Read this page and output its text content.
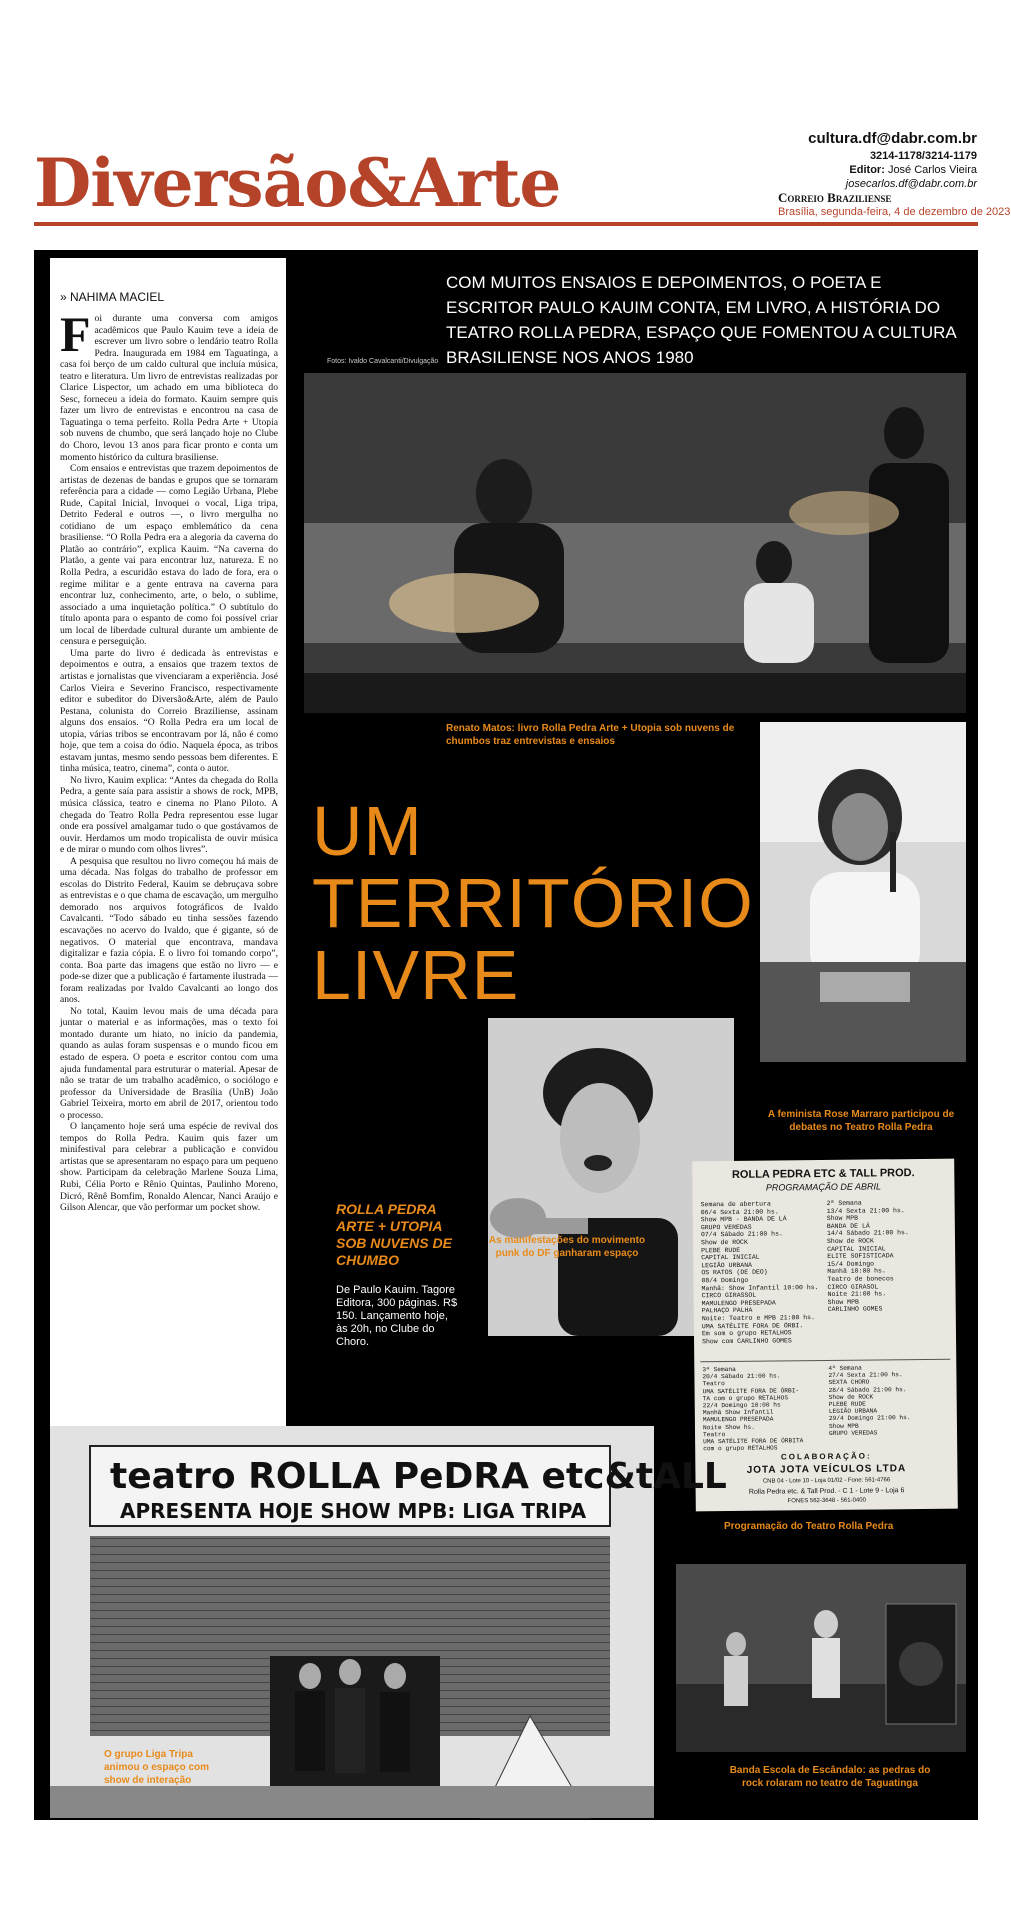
Diversão&Arte
cultura.df@dabr.com.br
3214-1178/3214-1179
Editor: José Carlos Vieira
josecarlos.df@dabr.com.br
Correio Braziliense
Brasília, segunda-feira, 4 de dezembro de 2023
» NAHIMA MACIEL

Foi durante uma conversa com amigos acadêmicos que Paulo Kauim teve a ideia de escrever um livro sobre o lendário teatro Rolla Pedra. Inaugurada em 1984 em Taguatinga, a casa foi berço de um caldo cultural que incluía música, teatro e literatura. Um livro de entrevistas realizadas por Clarice Lispector, um achado em uma biblioteca do Sesc, forneceu a ideia do formato. Kauim sempre quis fazer um livro de entrevistas e encontrou na casa de Taguatinga o tema perfeito. Rolla Pedra Arte + Utopia sob nuvens de chumbo, que será lançado hoje no Clube do Choro, levou 13 anos para ficar pronto e conta um momento histórico da cultura brasiliense.

Com ensaios e entrevistas que trazem depoimentos de artistas de dezenas de bandas e grupos que se tornaram referência para a cidade — como Legião Urbana, Plebe Rude, Capital Inicial, Invoquei o vocal, Liga tripa, Detrito Federal e outros —, o livro mergulha no cotidiano de um espaço emblemático da cena brasiliense. “O Rolla Pedra era a alegoria da caverna do Platão ao contrário”, explica Kauim. “Na caverna do Platão, a gente vai para encontrar luz, natureza. E no Rolla Pedra, a escuridão estava do lado de fora, era o regime militar e a gente entrava na caverna para encontrar luz, conhecimento, arte, o belo, o sublime, associado a uma inquietação política.” O subtítulo do título aponta para o espanto de como foi possível criar um local de liberdade cultural durante um ambiente de censura e perseguição.

Uma parte do livro é dedicada às entrevistas e depoimentos e outra, a ensaios que trazem textos de artistas e jornalistas que vivenciaram a experiência. José Carlos Vieira e Severino Francisco, respectivamente editor e subeditor do Diversão&Arte, além de Paulo Pestana, colunista do Correio Braziliense, assinam alguns dos ensaios. “O Rolla Pedra era um local de utopia, várias tribos se encontravam por lá, não é como hoje, que tem a coisa do ódio. Naquela época, as tribos estavam juntas, mesmo sendo pessoas bem diferentes. E tinha música, teatro, cinema”, conta o autor.

No livro, Kauim explica: “Antes da chegada do Rolla Pedra, a gente saía para assistir a shows de rock, MPB, música clássica, teatro e cinema no Plano Piloto. A chegada do Teatro Rolla Pedra representou esse lugar onde era possível amalgamar tudo o que gostávamos de ouvir. Herdamos um modo tropicalista de ouvir música e de mirar o mundo com olhos livres”.

A pesquisa que resultou no livro começou há mais de uma década. Nas folgas do trabalho de professor em escolas do Distrito Federal, Kauim se debruçava sobre as entrevistas e o que chama de escavação, um mergulho demorado nos arquivos fotográficos de Ivaldo Cavalcanti. “Todo sábado eu tinha sessões fazendo escavações no acervo do Ivaldo, que é gigante, só de negativos. O material que encontrava, mandava digitalizar e fazia cópia. E o livro foi tomando corpo”, conta. Boa parte das imagens que estão no livro — e pode-se dizer que a publicação é fartamente ilustrada — foram realizadas por Ivaldo Cavalcanti ao longo dos anos.

No total, Kauim levou mais de uma década para juntar o material e as informações, mas o texto foi montado durante um hiato, no início da pandemia, quando as aulas foram suspensas e o mundo ficou em estado de espera. O poeta e escritor contou com uma ajuda fundamental para estruturar o material. Apesar de não se tratar de um trabalho acadêmico, o sociólogo e professor da Universidade de Brasília (UnB) João Gabriel Teixeira, morto em abril de 2017, orientou todo o processo.

O lançamento hoje será uma espécie de revival dos tempos do Rolla Pedra. Kauim quis fazer um minifestival para celebrar a publicação e convidou artistas que se apresentaram no espaço para um pequeno show. Participam da celebração Marlene Souza Lima, Rubi, Célia Porto e Rênio Quintas, Paulinho Moreno, Dicró, Rênê Bomfim, Ronaldo Alencar, Nanci Araújo e Gilson Alencar, que vão performar um pocket show.

COM MUITOS ENSAIOS E DEPOIMENTOS, O POETA E ESCRITOR PAULO KAUIM CONTA, EM LIVRO, A HISTÓRIA DO TEATRO ROLLA PEDRA, ESPAÇO QUE FOMENTOU A CULTURA BRASILIENSE NOS ANOS 1980
Fotos: Ivaldo Cavalcanti/Divulgação
Renato Matos: livro Rolla Pedra Arte + Utopia sob nuvens de chumbos traz entrevistas e ensaios
A feminista Rose Marraro participou de debates no Teatro Rolla Pedra
UM
TERRITÓRIO
LIVRE
As manifestações do movimento punk do DF ganharam espaço
ROLLA PEDRA ARTE + UTOPIA SOB NUVENS DE CHUMBO
De Paulo Kauim. Tagore Editora, 300 páginas. R$ 150. Lançamento hoje, às 20h, no Clube do Choro.
ROLLA PEDRA ETC & TALL PROD.
PROGRAMAÇÃO DE ABRIL
Semana de abertura
06/4 Sexta 21:00 hs.
Show MPB - BANDA DE LÁ
GRUPO VEREDAS
07/4 Sábado 21:00 hs.
Show de ROCK
PLEBE RUDE
CAPITAL INICIAL
LEGIÃO URBANA
OS RATOS (DE DEO)
08/4 Domingo
Manhã: Show Infantil 10:00 hs.
CIRCO GIRASSOL
MAMULENGO PRESEPADA
PALHAÇO PALHA
Noite: Teatro e MPB 21:00 hs.
UMA SATÉLITE FORA DE ÓRBI.
Em som o grupo RETALHOS
Show com CARLINHO GOMES
2ª Semana
13/4 Sexta 21:00 hs.
Show MPB
BANDA DE LÁ
14/4 Sábado 21:00 hs.
Show de ROCK
CAPITAL INICIAL
ELITE SOFISTICADA
15/4 Domingo
Manhã 10:00 hs.
Teatro de bonecos
CIRCO GIRASOL
Noite 21:00 hs.
Show MPB
CARLINHO GOMES
3ª Semana
20/4 Sábado 21:00 hs.
Teatro
UMA SATÉLITE FORA DE ÓRBI-
TA com o grupo RETALHOS
22/4 Domingo 10:00 hs
Manhã Show Infantil
MAMULENGO PRESEPADA
Noite Show hs.
Teatro
UMA SATÉLITE FORA DE ÓRBITA
com o grupo RETALHOS
4ª Semana
27/4 Sexta 21:00 hs.
SEXTA CHORO
28/4 Sábado 21:00 hs.
Show de ROCK
PLEBE RUDE
LEGIÃO URBANA
29/4 Domingo 21:00 hs.
Show MPB
GRUPO VEREDAS
COLABORAÇÃO:
JOTA JOTA VEÍCULOS LTDA
CNB 04 - Lote 10 - Loja 01/02 - Fone: 561-4766
Rolla Pedra etc. & Tall Prod. - C 1 - Lote 9 - Loja 6
FONES 562-3648 - 561-0400
Programação do Teatro Rolla Pedra
teatro ROLLA PeDRA etc&tALL
APRESENTA HOJE SHOW MPB: LIGA TRIPA
O grupo Liga Tripa animou o espaço com show de interação
Banda Escola de Escândalo: as pedras do rock rolaram no teatro de Taguatinga
